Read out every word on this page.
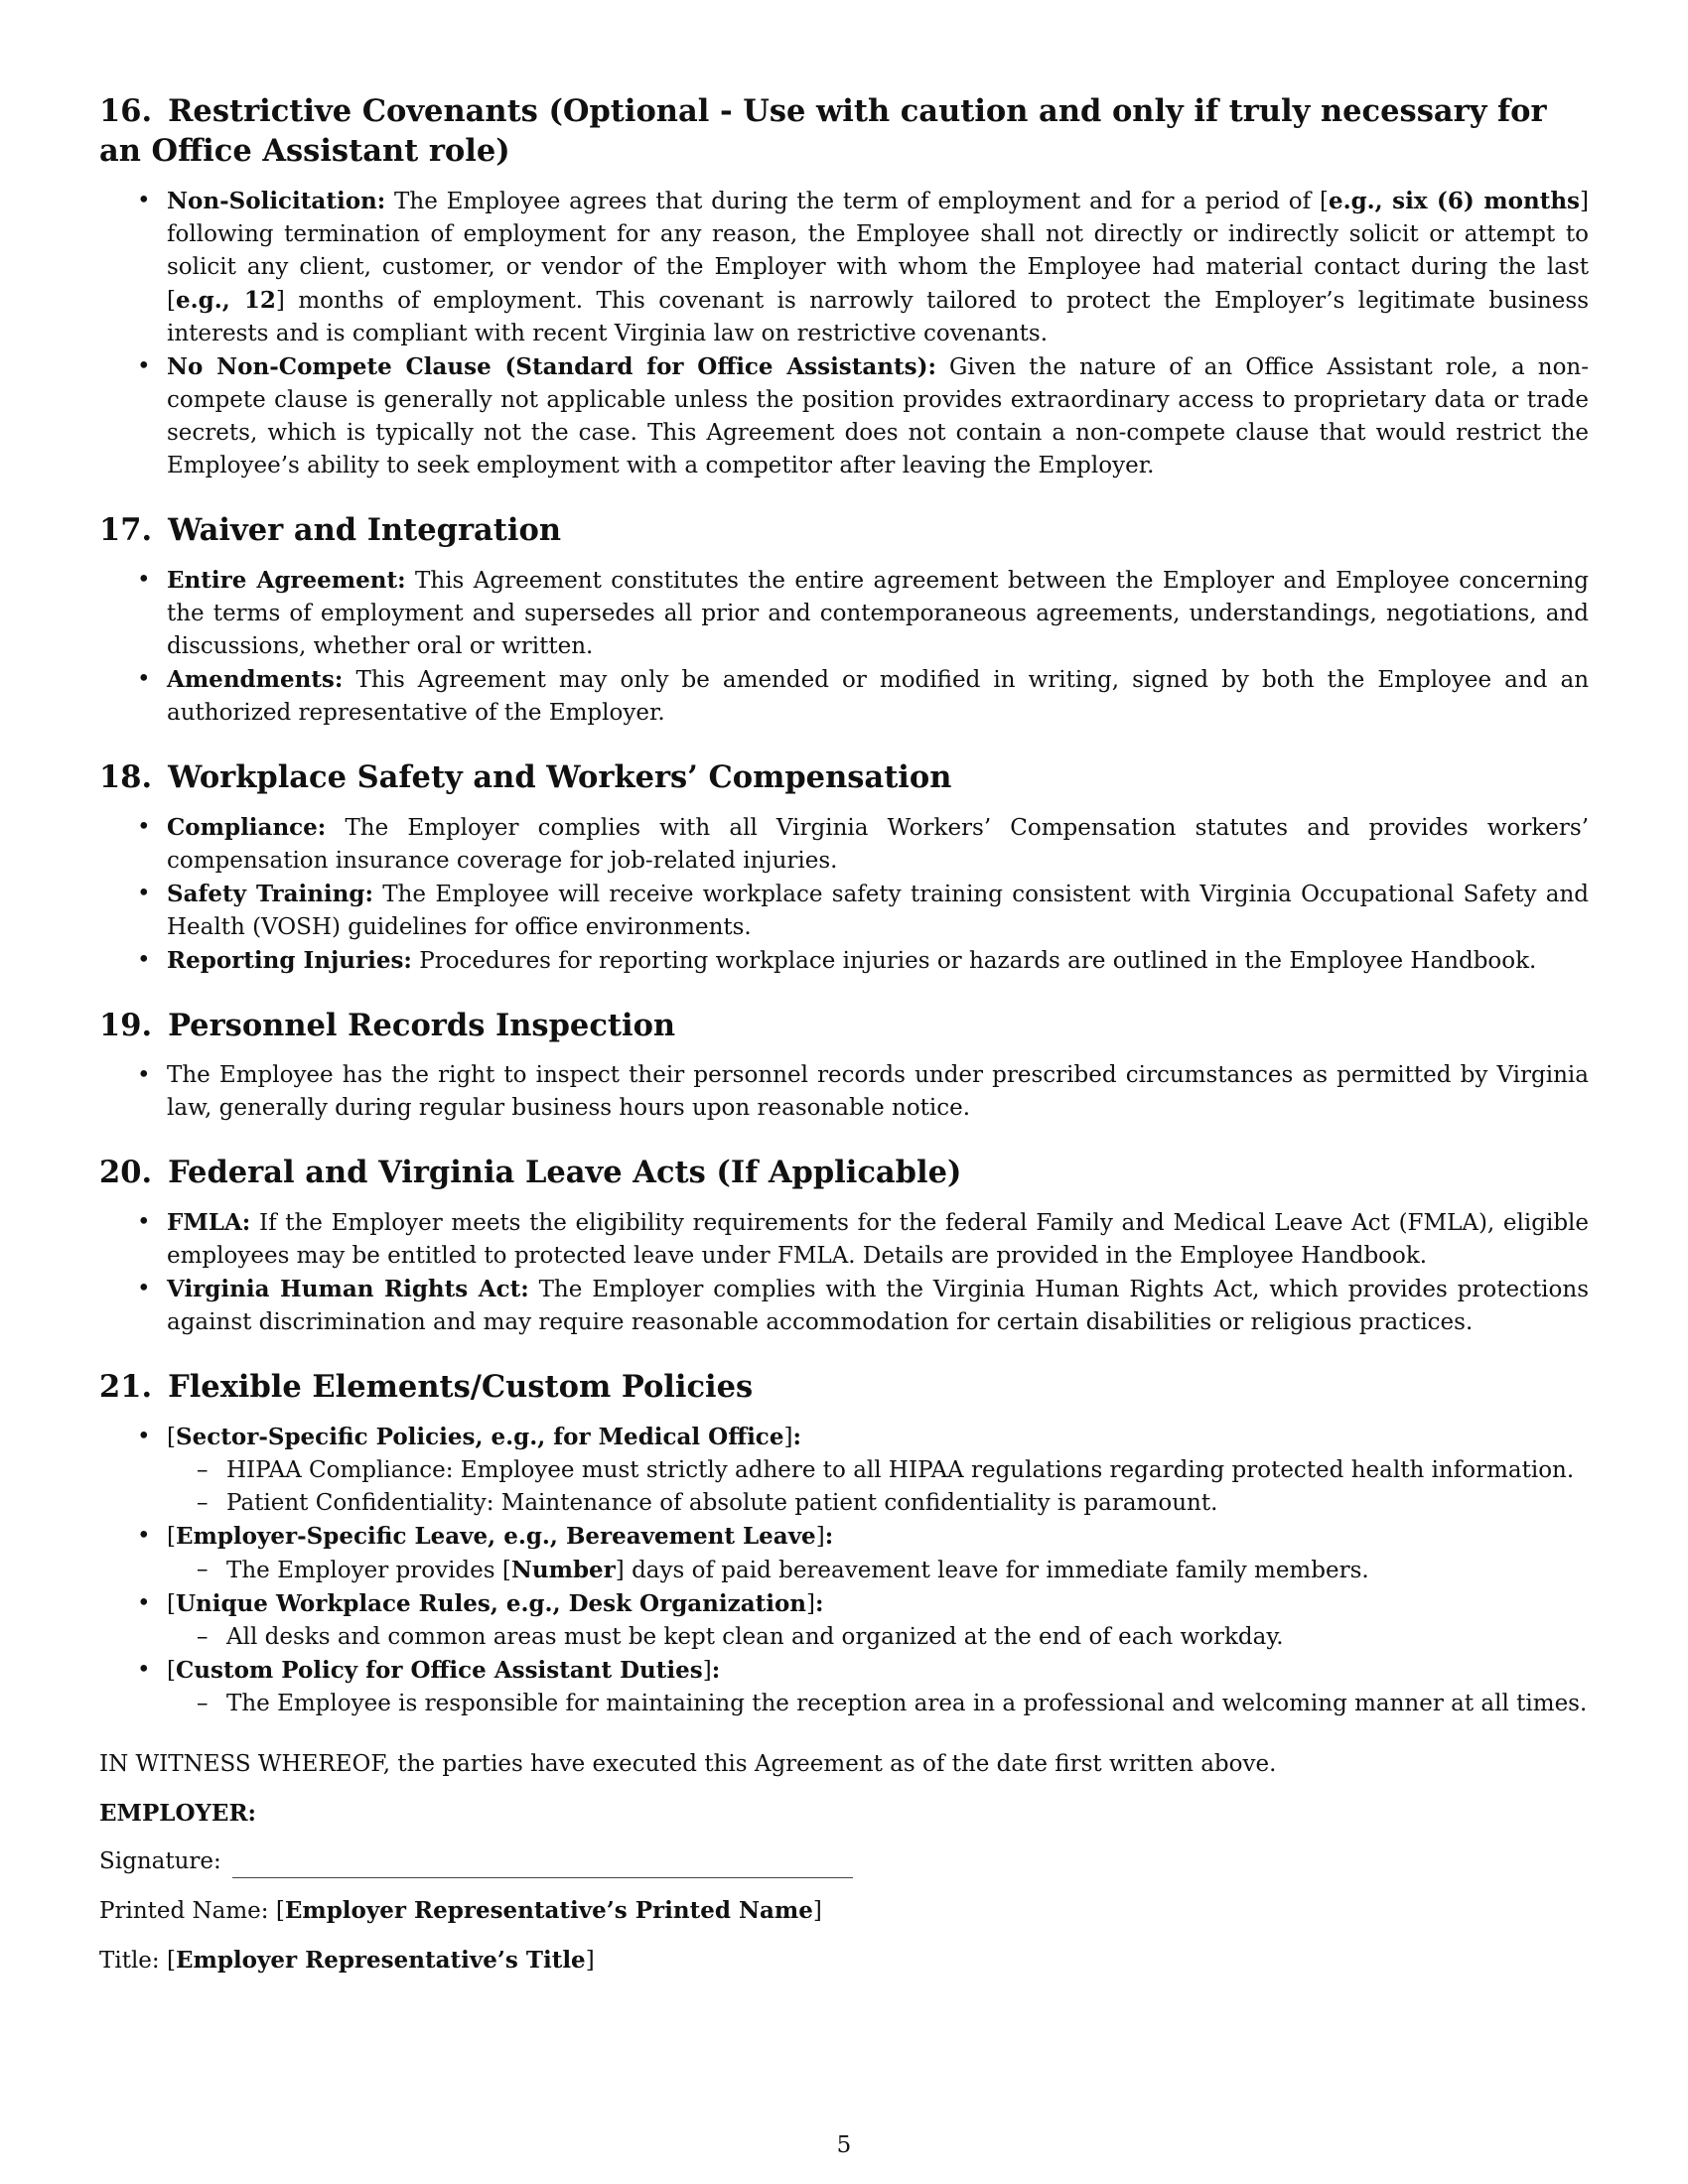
16. Restrictive Covenants (Optional - Use with caution and only if truly necessary for an Office Assistant role)
• Non-Solicitation: The Employee agrees that during the term of employment and for a period of [e.g., six (6) months] following termination of employment for any reason, the Employee shall not directly or indirectly solicit or attempt to solicit any client, customer, or vendor of the Employer with whom the Employee had material contact during the last [e.g., 12] months of employment. This covenant is narrowly tailored to protect the Employer’s legitimate business interests and is compliant with recent Virginia law on restrictive covenants.
• No Non-Compete Clause (Standard for Office Assistants): Given the nature of an Office Assistant role, a non-compete clause is generally not applicable unless the position provides extraordinary access to proprietary data or trade secrets, which is typically not the case. This Agreement does not contain a non-compete clause that would restrict the Employee’s ability to seek employment with a competitor after leaving the Employer.
17. Waiver and Integration
• Entire Agreement: This Agreement constitutes the entire agreement between the Employer and Employee concerning the terms of employment and supersedes all prior and contemporaneous agreements, understandings, negotiations, and discussions, whether oral or written.
• Amendments: This Agreement may only be amended or modified in writing, signed by both the Employee and an authorized representative of the Employer.
18. Workplace Safety and Workers’ Compensation
• Compliance: The Employer complies with all Virginia Workers’ Compensation statutes and provides workers’ compensation insurance coverage for job-related injuries.
• Safety Training: The Employee will receive workplace safety training consistent with Virginia Occupational Safety and Health (VOSH) guidelines for office environments.
• Reporting Injuries: Procedures for reporting workplace injuries or hazards are outlined in the Employee Handbook.
19. Personnel Records Inspection
• The Employee has the right to inspect their personnel records under prescribed circumstances as permitted by Virginia law, generally during regular business hours upon reasonable notice.
20. Federal and Virginia Leave Acts (If Applicable)
• FMLA: If the Employer meets the eligibility requirements for the federal Family and Medical Leave Act (FMLA), eligible employees may be entitled to protected leave under FMLA. Details are provided in the Employee Handbook.
• Virginia Human Rights Act: The Employer complies with the Virginia Human Rights Act, which provides protections against discrimination and may require reasonable accommodation for certain disabilities or religious practices.
21. Flexible Elements/Custom Policies
• [Sector-Specific Policies, e.g., for Medical Office]:
– HIPAA Compliance: Employee must strictly adhere to all HIPAA regulations regarding protected health information.
– Patient Confidentiality: Maintenance of absolute patient confidentiality is paramount.
• [Employer-Specific Leave, e.g., Bereavement Leave]:
– The Employer provides [Number] days of paid bereavement leave for immediate family members.
• [Unique Workplace Rules, e.g., Desk Organization]:
– All desks and common areas must be kept clean and organized at the end of each workday.
• [Custom Policy for Office Assistant Duties]:
– The Employee is responsible for maintaining the reception area in a professional and welcoming manner at all times.
IN WITNESS WHEREOF, the parties have executed this Agreement as of the date first written above.
EMPLOYER:
Signature:
Printed Name: [Employer Representative’s Printed Name]
Title: [Employer Representative’s Title]
5
